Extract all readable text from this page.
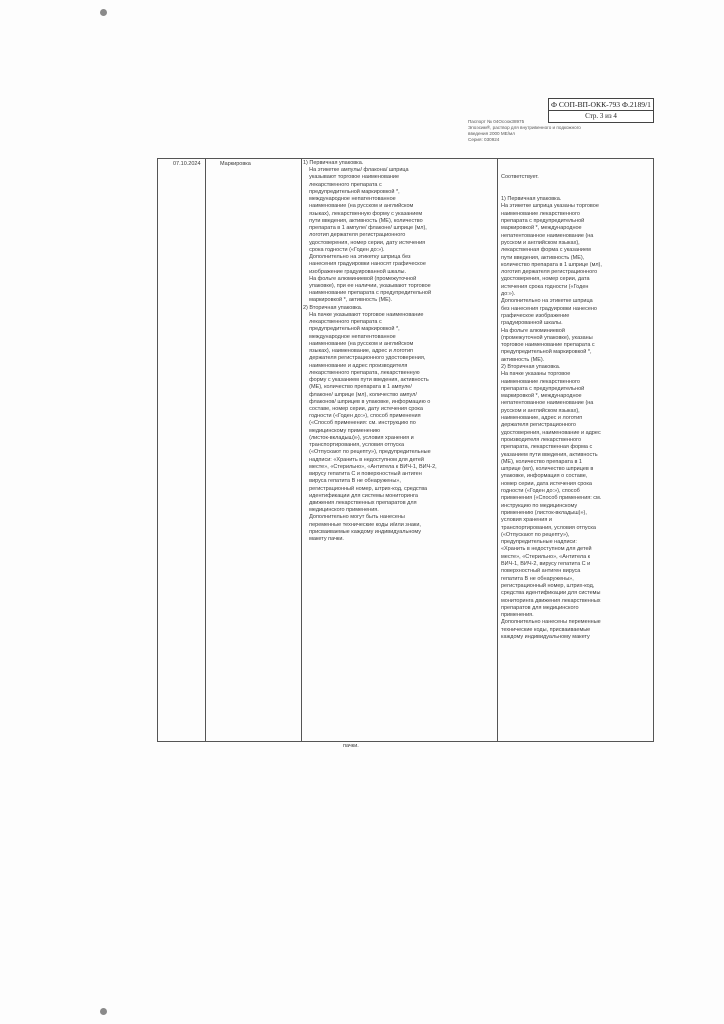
Ф СОП-ВП-ОКК-793 Ф.2189/1
Стр. 3 из 4
Паспорт № 04Осоок38975
Эпоэсим®, раствор для внутривенного и подкожного
введения 2000 МЕ/мл
Серия: 030924
07.10.2024	Маркировка	1) Первичная упаковка.
На этикетке ампулы/ флакона/ шприца
указывают торговое наименование
лекарственного препарата с
предупредительной маркировкой *,
международное непатентованное
наименование (на русском и английском
языках), лекарственную форму с указанием
пути введения, активность (МЕ), количество
препарата в 1 ампуле/ флаконе/ шприце (мл),
логотип держателя регистрационного
удостоверения, номер серии, дату истечения
срока годности («Годен до:»).
Дополнительно на этикетку шприца без
нанесения градуировки наносят графическое
изображение градуированной шкалы.
На фольге алюминиевой (промежуточной
упаковке), при ее наличии, указывают торговое
наименование препарата с предупредительной
маркировкой *, активность (МЕ).
2) Вторичная упаковка.
На пачке указывают торговое наименование
лекарственного препарата с
предупредительной маркировкой *,
международное непатентованное
наименование (на русском и английском
языках), наименование, адрес и логотип
держателя регистрационного удостоверения,
наименование и адрес производителя
лекарственного препарата, лекарственную
форму с указанием пути введения, активность
(МЕ), количество препарата в 1 ампуле/
флаконе/ шприце (мл), количество ампул/
флаконов/ шприцев в упаковке, информацию о
составе, номер серии, дату истечения срока
годности («Годен до:»), способ применения
(«Способ применения: см. инструкцию по
медицинскому применению
(листок-вкладыш)»), условия хранения и
транспортирования, условия отпуска
(«Отпускают по рецепту»), предупредительные
надписи: «Хранить в недоступном для детей
месте», «Стерильно», «Антитела к ВИЧ-1, ВИЧ-2,
вирусу гепатита С и поверхностный антиген
вируса гепатита В не обнаружены»,
регистрационный номер, штрих-код, средства
идентификации для системы мониторинга
движения лекарственных препаратов для
медицинского применения.
Дополнительно могут быть нанесены
переменные технические коды и/или знаки,
присваиваемые каждому индивидуальному
макету пачки.

Соответствует.

1) Первичная упаковка.
На этикетке шприца указаны торговое
наименование лекарственного
препарата с предупредительной
маркировкой *, международное
непатентованное наименование (на
русском и английском языках),
лекарственная форма с указанием
пути введения, активность (МЕ),
количество препарата в 1 шприце (мл),
логотип держателя регистрационного
удостоверения, номер серии, дата
истечения срока годности («Годен
до:»).
Дополнительно на этикетке шприца
без нанесения градуировки нанесено
графическое изображение
градуированной шкалы.
На фольге алюминиевой
(промежуточной упаковке), указаны
торговое наименование препарата с
предупредительной маркировкой *,
активность (МЕ).
2) Вторичная упаковка.
На пачке указаны торговое
наименование лекарственного
препарата с предупредительной
маркировкой *, международное
непатентованное наименование (на
русском и английском языках),
наименование, адрес и логотип
держателя регистрационного
удостоверения, наименование и адрес
производителя лекарственного
препарата, лекарственная форма с
указанием пути введения, активность
(МЕ), количество препарата в 1
шприце (мл), количество шприцев в
упаковке, информация о составе,
номер серии, дата истечения срока
годности («Годен до:»), способ
применения («Способ применения: см.
инструкцию по медицинскому
применению (листок-вкладыш)»),
условия хранения и
транспортирования, условия отпуска
(«Отпускают по рецепту»),
предупредительные надписи:
«Хранить в недоступном для детей
месте», «Стерильно», «Антитела к
ВИЧ-1, ВИЧ-2, вирусу гепатита С и
поверхностный антиген вируса
гепатита В не обнаружены»,
регистрационный номер, штрих-код,
средства идентификации для системы
мониторинга движения лекарственных
препаратов для медицинского
применения.
Дополнительно нанесены переменные
технические коды, присваиваемые
каждому индивидуальному макету

пачки.
